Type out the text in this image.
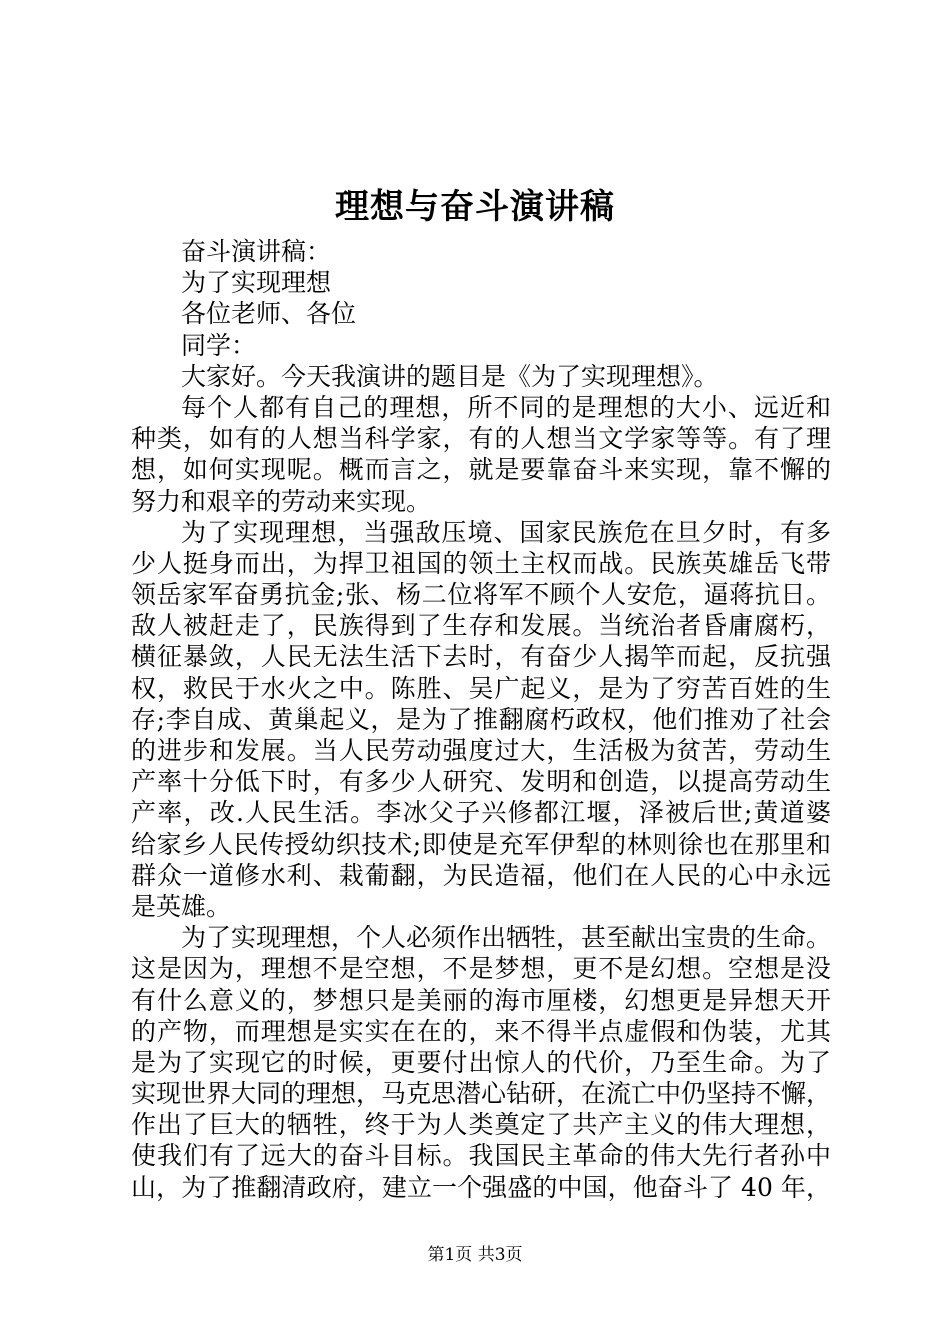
理想与奋斗演讲稿
奋斗演讲稿：
为了实现理想
各位老师、各位
同学：
大家好。今天我演讲的题目是《为了实现理想》。
每个人都有自己的理想，所不同的是理想的大小、远近和
种类，如有的人想当科学家，有的人想当文学家等等。有了理
想，如何实现呢。概而言之，就是要靠奋斗来实现，靠不懈的
努力和艰辛的劳动来实现。
为了实现理想，当强敌压境、国家民族危在旦夕时，有多
少人挺身而出，为捍卫祖国的领土主权而战。民族英雄岳飞带
领岳家军奋勇抗金;张、杨二位将军不顾个人安危，逼蒋抗日。
敌人被赶走了，民族得到了生存和发展。当统治者昏庸腐朽，
横征暴敛，人民无法生活下去时，有奋少人揭竿而起，反抗强
权，救民于水火之中。陈胜、吴广起义，是为了穷苦百姓的生
存;李自成、黄巢起义，是为了推翻腐朽政权，他们推劝了社会
的进步和发展。当人民劳动强度过大，生活极为贫苦，劳动生
产率十分低下时，有多少人研究、发明和创造，以提高劳动生
产率，改.人民生活。李冰父子兴修都江堰，泽被后世;黄道婆
给家乡人民传授幼织技术;即使是充军伊犁的林则徐也在那里和
群众一道修水利、栽葡翻，为民造福，他们在人民的心中永远
是英雄。
为了实现理想，个人必须作出牺牲，甚至献出宝贵的生命。
这是因为，理想不是空想，不是梦想，更不是幻想。空想是没
有什么意义的，梦想只是美丽的海市厘楼，幻想更是异想天开
的产物，而理想是实实在在的，来不得半点虚假和伪装，尤其
是为了实现它的时候，更要付出惊人的代价，乃至生命。为了
实现世界大同的理想，马克思潜心钻研，在流亡中仍坚持不懈，
作出了巨大的牺牲，终于为人类奠定了共产主义的伟大理想，
使我们有了远大的奋斗目标。我国民主革命的伟大先行者孙中
山，为了推翻清政府，建立一个强盛的中国，他奋斗了 40 年，
第1页 共3页
